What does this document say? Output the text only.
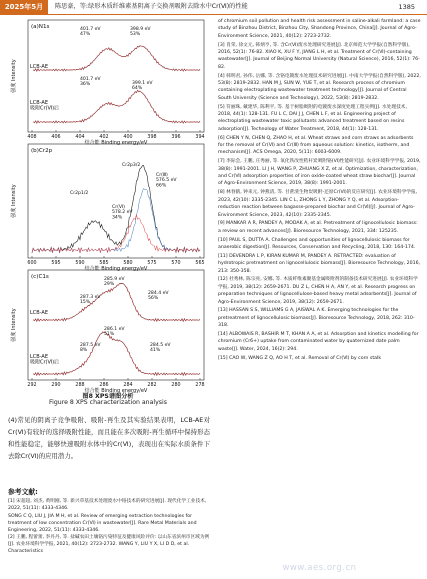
2025年5月	陈思豪，等:绿形木质纤维素基阴离子交换剂吸附去除水中Cr(Ⅵ)的性能	1385
(a)N1s
强度 Intensity
408	406	404	402	400	398	396	394
结合能 Binding energy/eV
LCB-AE
LCB-AE 吸附Cr(Ⅵ)后
401.7 eV 47%
398.9 eV 53%
401.7 eV 36%	399.1 eV 64%
(b)Cr2p
强度 Intensity
600	595	590	585	580	575	570	565
结合能 Binding energy/eV
Cr2p1/2
Cr2p3/2
Cr(Ⅲ) 576.5 eV 66%
Cr(Ⅵ) 578.2 eV 34%
(c)C1s
强度 Intensity
292	290	288	286	284	282	280	278
结合能 Binding energy/eV
LCB-AE
LCB-AE 吸附Cr(Ⅵ)后
285.9 eV 29%
284.4 eV 56%
287.3 eV 15%
286.1 eV 51%
287.5 eV 8%
284.5 eV 41%
图8 XPS谱图分析
Figure 8 XPS characterization analysis
(4)常见的阴离子竞争吸附、吸附-再生及其实验结果表明，LCB-AE对Cr(Ⅵ)有较好的选择吸附性能，而且能在多次吸附-再生循环中保持形态和性能稳定，能够快速吸附水体中的Cr(Ⅵ)，表现出在实际水质条件下去除Cr(Ⅵ)的应用潜力。
参考文献:

[1] 宋超超, 刘杰, 黄明刚, 等. 新兴草基技术处理废水中铬技术的研究进展[J]. 现代化学工业技术, 2022, 51(11): 4333-4346.

SONG C Q, LIU J, JIA M H, et al. Review of emerging extraction technologies for treatment of low concentration Cr(Ⅵ) in wastewater[J]. Rare Metal Materials and Engineering, 2022, 51(11): 4333-4346.

[2] 王鹏, 程蕾蕾, 李丹丹, 等. 盐碱农田土壤铬污染特征及健康风险评价: 以山东省滨州市区域为例[J]. 农业环境科学学报, 2021, 40(12): 2723-2732. WANG Y, LIU Y X, LI D D, et al. Characteristics

of chromium soil pollution and health risk assessment in saline-alkali farmland: a case study of Binzhou District, Binzhou City, Shandong Province, China[J]. Journal of Agro-Environment Science, 2021, 40(12): 2723-2732.

[3] 肖荣, 徐文元, 韩炳亨, 等. 含Cr(Ⅵ)废水处理研究进展[J]. 北京师范大学学报(自然科学版), 2016, 52(1): 76-82. XIAO K, XU F Y, JIANG L H, et al. Treatment of Cr(Ⅵ)-containing wastewater[J]. Journal of Beijing Normal University (Natural Science), 2016, 52(1): 76-82.

[4] 韩明君, 孙伟, 岳娜, 等. 含铬电镀废水处理技术研究进展[J]. 中南大学学报(自然科学版), 2022, 53(8): 2819-2832. HAN M J, SUN W, YUE T, et al. Research process of chromium containing electroplating wastewater treatment technology[J]. Journal of Central South University (Science and Technology), 2022, 53(8): 2819-2832.

[5] 符丽珠, 戴建华, 陈利平, 等. 基于树脂吸附的电镀废水深度处理工程实例[J]. 水处理技术, 2018, 44(1): 128-131. FU L C, DAI J J, CHEN L F, et al. Engineering project of electroplating wastewater toxic pollutants advanced treatment based on resins adsorption[J]. Technology of Water Treatment, 2018, 44(1): 128-131.

[6] CHEN Y N, CHEN Q, ZHAO H, et al. Wheat straws and corn straws as adsorbents for the removal of Cr(Ⅵ) and Cr(Ⅲ) from aqueous solution: kinetics, isotherm, and mechanism[J]. ACS Omega, 2020, 5(11): 6003-6009.

[7] 李际会, 王鹏, 庄秀丽, 等. 氧化铁改性秸秆炭吸附铬(Ⅵ)性能研究[J]. 农业环境科学学报, 2019, 38(8): 1991-2001. LI J H, WANG P, ZHUANG X Z, et al. Optimization, characterization, and Cr(Ⅵ) adsorption properties of iron oxide-coated wheat straw biochar[J]. Journal of Agro-Environment Science, 2019, 38(8): 1991-2001.

[8] 林春鹤, 钟来元, 钟燕清, 等. 甘蔗渣生物炭吸附-还原Cr(Ⅵ)的反应研究[J]. 农业环境科学学报, 2023, 42(10): 2335-2345. LIN C L, ZHONG L Y, ZHONG Y Q, et al. Adsorption-reduction reaction between bagasse-prepared biochar and Cr(Ⅵ)[J]. Journal of Agro-Environment Science, 2023, 42(10): 2335-2345.

[9] MANKAR A R, PANDEY A, MODAK A, et al. Pretreatment of lignocellulosic biomass: a review on recent advances[J]. Bioresource Technology, 2021, 334: 125235.

[10] PAUL S, DUTTA A. Challenges and opportunities of lignocellulosic biomass for anaerobic digestion[J]. Resources, Conservation and Recycling, 2018, 130: 164-174.

[11] DEVENDRA L P, KIRAN KUMAR M, PANDEY A. RETRACTED: evaluation of hydrotropic pretreatment on lignocellulosic biomass[J]. Bioresource Technology, 2016, 213: 350-358.

[12] 杜秀林, 陈宗亮, 安娜, 等. 木质纤维素聚基金属吸附剂的制备技术研究进展[J]. 农业环境科学学报, 2019, 38(12): 2659-2671. DU Z L, CHEN H A, AN Y, et al. Research progress on preparation techniques of lignocellulose-based heavy metal adsorbents[J]. Journal of Agro-Environment Science, 2019, 38(12): 2659-2671.

[13] HASSAN S S, WILLIAMS G A, JAISWAL A K. Emerging technologies for the pretreatment of lignocellulosic biomass[J]. Bioresource Technology, 2018, 262: 310-318.

[14] ALBOWAIS R, BASHIR M T, KHAN A A, et al. Adsorption and kinetics modelling for chromium (Cr6+) uptake from contaminated water by quaternized date palm waste[J]. Water, 2024, 16(2): 294.

[15] CAO W, WANG Z Q, AO H T, et al. Removal of Cr(Ⅵ) by corn stalk

www.aes.org.cn
